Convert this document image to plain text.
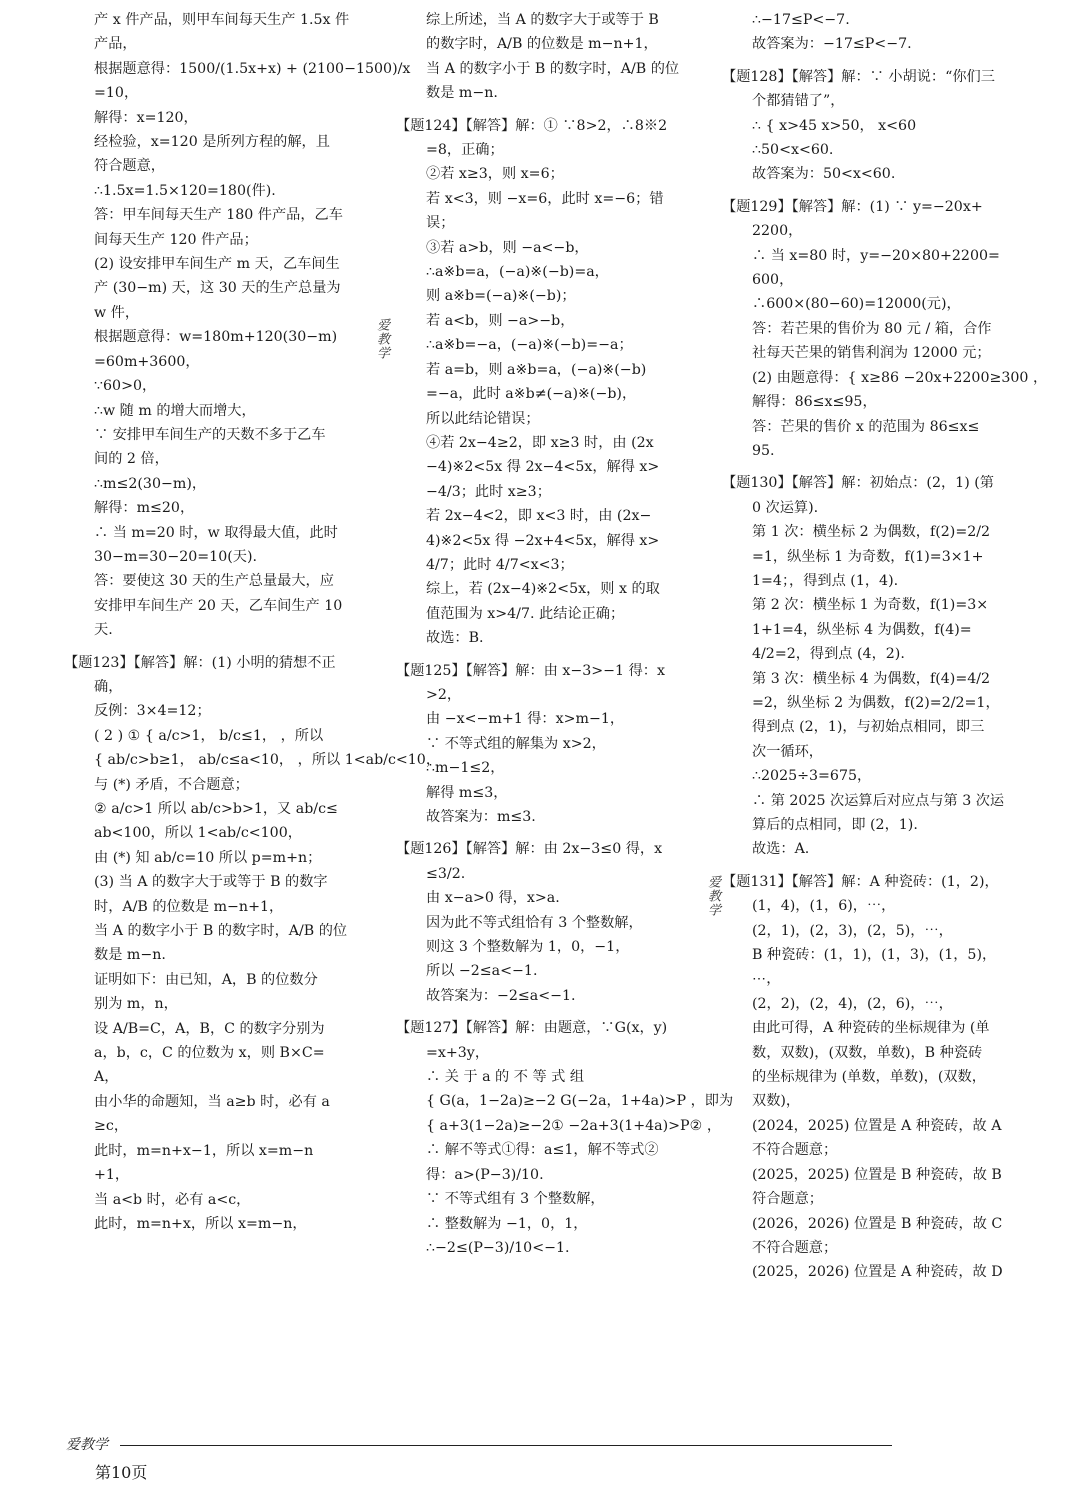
产 x 件产品，则甲车间每天生产 1.5x 件
产品，
根据题意得：1500/(1.5x+x) + (2100−1500)/x
=10，
解得：x=120，
经检验，x=120 是所列方程的解，且
符合题意，
∴1.5x=1.5×120=180(件).
答：甲车间每天生产 180 件产品，乙车
间每天生产 120 件产品；
(2) 设安排甲车间生产 m 天，乙车间生
产 (30−m) 天，这 30 天的生产总量为
w 件，
根据题意得：w=180m+120(30−m)
=60m+3600，
∵60>0，
∴w 随 m 的增大而增大，
∵ 安排甲车间生产的天数不多于乙车
间的 2 倍，
∴m≤2(30−m)，
解得：m≤20，
∴ 当 m=20 时，w 取得最大值，此时
30−m=30−20=10(天).
答：要使这 30 天的生产总量最大，应
安排甲车间生产 20 天，乙车间生产 10
天.
【题123】【解答】解：(1) 小明的猜想不正
确，
反例：3×4=12；
( 2 ) ① { a/c>1， b/c≤1， ，所以
{ ab/c>b≥1， ab/c≤a<10， ，所以 1<ab/c<10，
与 (*) 矛盾，不合题意；
② a/c>1 所以 ab/c>b>1，又 ab/c≤
ab<100，所以 1<ab/c<100，
由 (*) 知 ab/c=10 所以 p=m+n；
(3) 当 A 的数字大于或等于 B 的数字
时，A/B 的位数是 m−n+1，
当 A 的数字小于 B 的数字时，A/B 的位
数是 m−n.
证明如下：由已知，A，B 的位数分
别为 m，n，
设 A/B=C，A，B，C 的数字分别为
a，b，c，C 的位数为 x，则 B×C=
A，
由小华的命题知，当 a≥b 时，必有 a
≥c，
此时，m=n+x−1，所以 x=m−n
+1，
当 a<b 时，必有 a<c，
此时，m=n+x，所以 x=m−n，
综上所述，当 A 的数字大于或等于 B
的数字时，A/B 的位数是 m−n+1，
当 A 的数字小于 B 的数字时，A/B 的位
数是 m−n.
【题124】【解答】解：① ∵8>2，∴8※2
=8，正确；
②若 x≥3，则 x=6；
若 x<3，则 −x=6，此时 x=−6；错
误；
③若 a>b，则 −a<−b，
∴a※b=a，(−a)※(−b)=a，
则 a※b=(−a)※(−b)；
若 a<b，则 −a>−b，
∴a※b=−a，(−a)※(−b)=−a；
若 a=b，则 a※b=a，(−a)※(−b)
=−a，此时 a※b≠(−a)※(−b)，
所以此结论错误；
④若 2x−4≥2，即 x≥3 时，由 (2x
−4)※2<5x 得 2x−4<5x，解得 x>
−4/3；此时 x≥3；
若 2x−4<2，即 x<3 时，由 (2x−
4)※2<5x 得 −2x+4<5x，解得 x>
4/7；此时 4/7<x<3；
综上，若 (2x−4)※2<5x，则 x 的取
值范围为 x>4/7. 此结论正确；
故选：B.
【题125】【解答】解：由 x−3>−1 得：x
>2，
由 −x<−m+1 得：x>m−1，
∵ 不等式组的解集为 x>2，
∴m−1≤2，
解得 m≤3，
故答案为：m≤3.
【题126】【解答】解：由 2x−3≤0 得，x
≤3/2.
由 x−a>0 得，x>a.
因为此不等式组恰有 3 个整数解，
则这 3 个整数解为 1，0，−1，
所以 −2≤a<−1.
故答案为：−2≤a<−1.
【题127】【解答】解：由题意，∵G(x，y)
=x+3y，
∴ 关 于 a 的 不 等 式 组
{ G(a，1−2a)≥−2 G(−2a，1+4a)>P ，即为
{ a+3(1−2a)≥−2① −2a+3(1+4a)>P② ，
∴ 解不等式①得：a≤1，解不等式②
得：a>(P−3)/10.
∵ 不等式组有 3 个整数解，
∴ 整数解为 −1，0，1，
∴−2≤(P−3)/10<−1.
∴−17≤P<−7.
故答案为：−17≤P<−7.
【题128】【解答】解：∵ 小胡说：“你们三
个都猜错了”，
∴ { x>45 x>50， x<60
∴50<x<60.
故答案为：50<x<60.
【题129】【解答】解：(1) ∵ y=−20x+
2200，
∴ 当 x=80 时，y=−20×80+2200=
600，
∴600×(80−60)=12000(元)，
答：若芒果的售价为 80 元 / 箱，合作
社每天芒果的销售利润为 12000 元；
(2) 由题意得：{ x≥86 −20x+2200≥300 ，
解得：86≤x≤95，
答：芒果的售价 x 的范围为 86≤x≤
95.
【题130】【解答】解：初始点：(2，1) (第
0 次运算).
第 1 次：横坐标 2 为偶数，f(2)=2/2
=1，纵坐标 1 为奇数，f(1)=3×1+
1=4；，得到点 (1，4).
第 2 次：横坐标 1 为奇数，f(1)=3×
1+1=4，纵坐标 4 为偶数，f(4)=
4/2=2，得到点 (4，2).
第 3 次：横坐标 4 为偶数，f(4)=4/2
=2，纵坐标 2 为偶数，f(2)=2/2=1，
得到点 (2，1)，与初始点相同，即三
次一循环，
∴2025÷3=675，
∴ 第 2025 次运算后对应点与第 3 次运
算后的点相同，即 (2，1).
故选：A.
【题131】【解答】解：A 种瓷砖：(1，2)，
(1，4)，(1，6)，⋯，
(2，1)，(2，3)，(2，5)，⋯，
B 种瓷砖：(1，1)，(1，3)，(1，5)，
⋯，
(2，2)，(2，4)，(2，6)，⋯，
由此可得，A 种瓷砖的坐标规律为 (单
数，双数)，(双数，单数)，B 种瓷砖
的坐标规律为 (单数，单数)，(双数，
双数)，
(2024，2025) 位置是 A 种瓷砖，故 A
不符合题意；
(2025，2025) 位置是 B 种瓷砖，故 B
符合题意；
(2026，2026) 位置是 B 种瓷砖，故 C
不符合题意；
(2025，2026) 位置是 A 种瓷砖，故 D
爱教学
爱教学
爱教学
第10页
